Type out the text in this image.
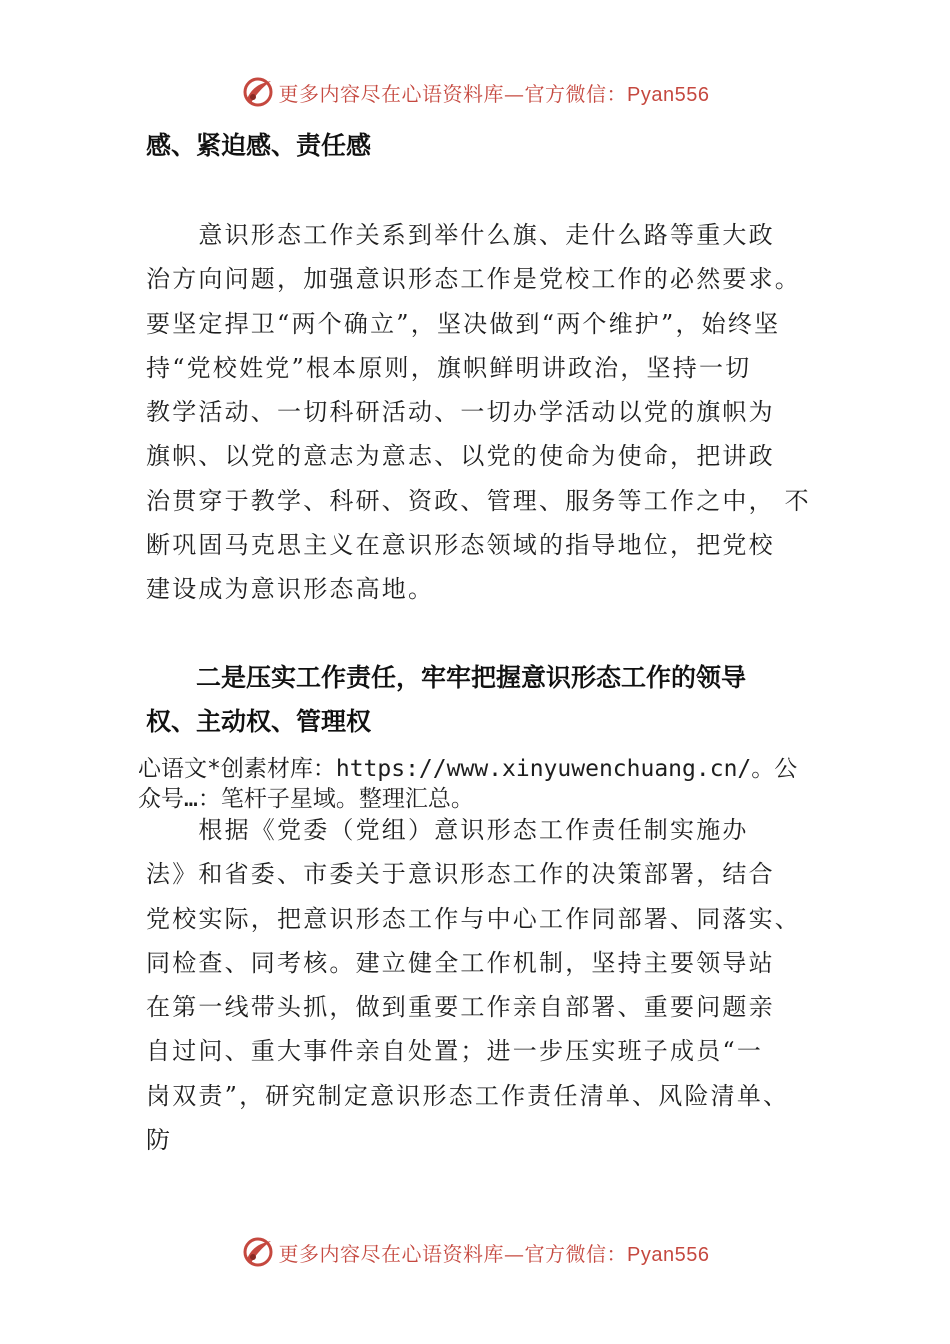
更多内容尽在心语资料库—官方微信：Pyan556
感、紧迫感、责任感
　　意识形态工作关系到举什么旗、走什么路等重大政
治方向问题，加强意识形态工作是党校工作的必然要求。
要坚定捍卫“两个确立”，坚决做到“两个维护”，始终坚
持“党校姓党”根本原则，旗帜鲜明讲政治，坚持一切
教学活动、一切科研活动、一切办学活动以党的旗帜为
旗帜、以党的意志为意志、以党的使命为使命，把讲政
治贯穿于教学、科研、资政、管理、服务等工作之中， 不
断巩固马克思主义在意识形态领域的指导地位，把党校
建设成为意识形态高地。
　　二是压实工作责任，牢牢把握意识形态工作的领导
权、主动权、管理权
心语文*创素材库：https://www.xinyuwenchuang.cn/。公
众号…：笔杆子星域。整理汇总。
　　根据《党委（党组）意识形态工作责任制实施办
法》和省委、市委关于意识形态工作的决策部署，结合
党校实际，把意识形态工作与中心工作同部署、同落实、
同检查、同考核。建立健全工作机制，坚持主要领导站
在第一线带头抓，做到重要工作亲自部署、重要问题亲
自过问、重大事件亲自处置；进一步压实班子成员“一
岗双责”，研究制定意识形态工作责任清单、风险清单、
防
更多内容尽在心语资料库—官方微信：Pyan556
